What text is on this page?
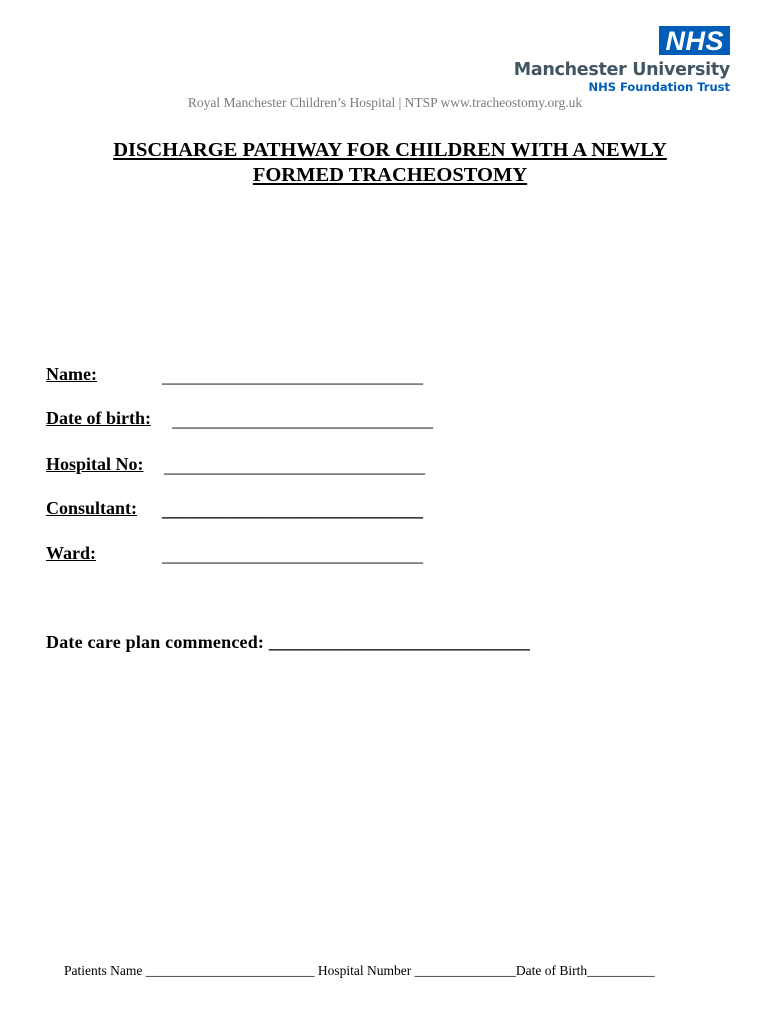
NHS
Manchester University
NHS Foundation Trust
Royal Manchester Children’s Hospital | NTSP www.tracheostomy.org.uk
DISCHARGE PATHWAY FOR CHILDREN WITH A NEWLY
FORMED TRACHEOSTOMY
Name:	_______________________________
Date of birth: _______________________________
Hospital No: _______________________________
Consultant: _______________________________
Ward:	_______________________________
Date care plan commenced: _______________________________
Patients Name _________________________ Hospital Number _______________Date of Birth__________
